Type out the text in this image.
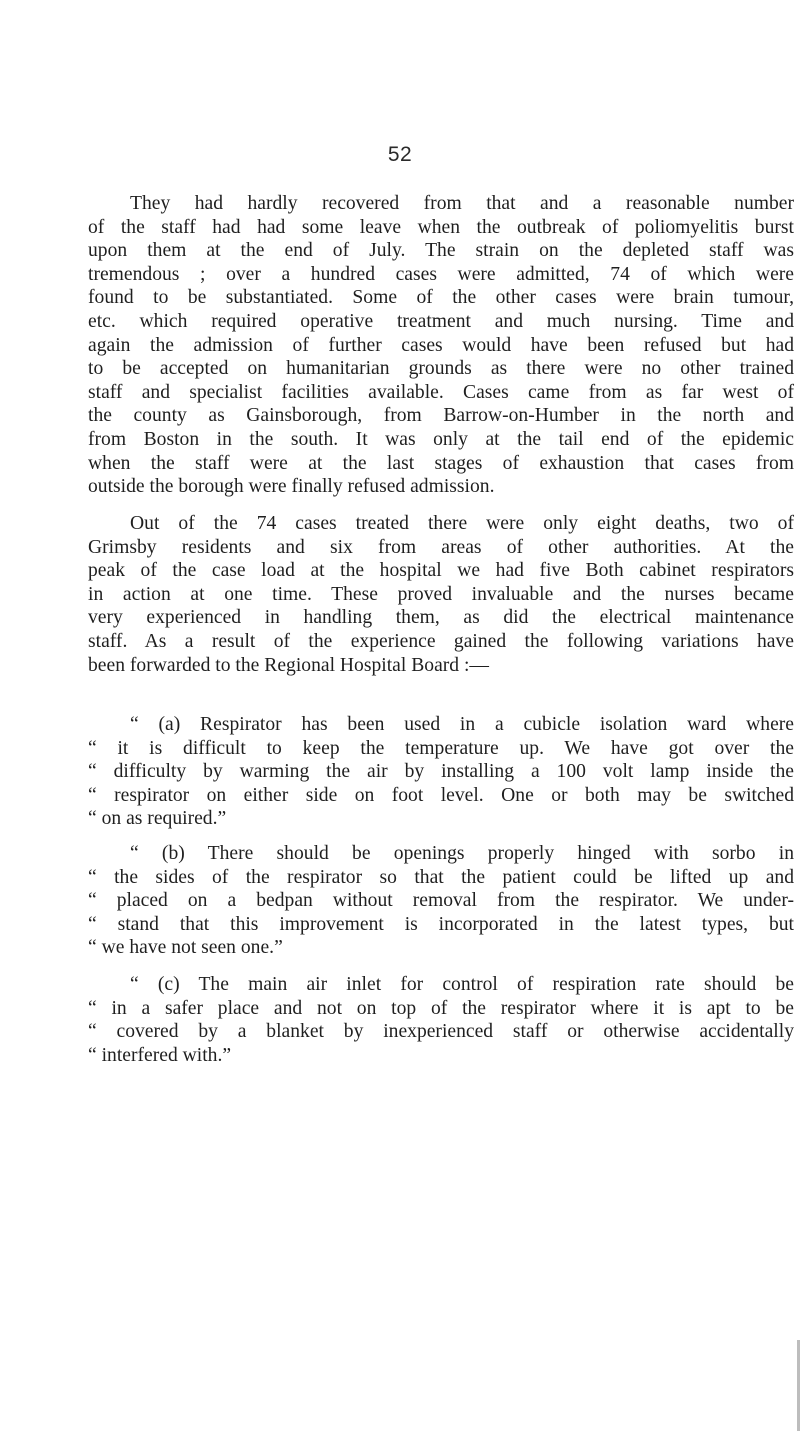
52

They had hardly recovered from that and a reasonable number
of the staff had had some leave when the outbreak of poliomyelitis burst
upon them at the end of July. The strain on the depleted staff was
tremendous ; over a hundred cases were admitted, 74 of which were
found to be substantiated. Some of the other cases were brain tumour,
etc. which required operative treatment and much nursing. Time and
again the admission of further cases would have been refused but had
to be accepted on humanitarian grounds as there were no other trained
staff and specialist facilities available. Cases came from as far west of
the county as Gainsborough, from Barrow-on-Humber in the north and
from Boston in the south. It was only at the tail end of the epidemic
when the staff were at the last stages of exhaustion that cases from
outside the borough were finally refused admission.

Out of the 74 cases treated there were only eight deaths, two of
Grimsby residents and six from areas of other authorities. At the
peak of the case load at the hospital we had five Both cabinet respirators
in action at one time. These proved invaluable and the nurses became
very experienced in handling them, as did the electrical maintenance
staff. As a result of the experience gained the following variations have
been forwarded to the Regional Hospital Board :—

“ (a) Respirator has been used in a cubicle isolation ward where
“ it is difficult to keep the temperature up. We have got over the
“ difficulty by warming the air by installing a 100 volt lamp inside the
“ respirator on either side on foot level. One or both may be switched
“ on as required.”

“ (b) There should be openings properly hinged with sorbo in
“ the sides of the respirator so that the patient could be lifted up and
“ placed on a bedpan without removal from the respirator. We under-
“ stand that this improvement is incorporated in the latest types, but
“ we have not seen one.”

“ (c) The main air inlet for control of respiration rate should be
“ in a safer place and not on top of the respirator where it is apt to be
“ covered by a blanket by inexperienced staff or otherwise accidentally
“ interfered with.”
